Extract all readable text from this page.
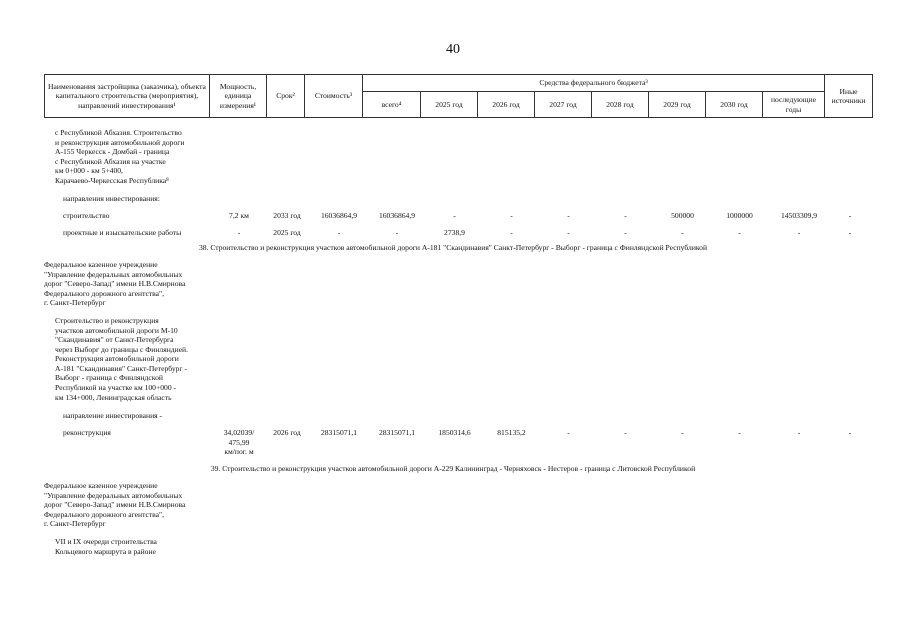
40
Наименования застройщика (заказчика), объекта капитального строительства (мероприятия), направлений инвестирования¹	Мощность, единица измерения¹	Срок²	Стоимость³	Средства федерального бюджета³								Иные источники
				всего⁴	2025 год	2026 год	2027 год	2028 год	2029 год	2030 год	последующие годы	
с Республикой Абхазия. Строительство
и реконструкция автомобильной дороги
А-155 Черкесск - Домбай - граница
с Республикой Абхазия на участке
км 0+000 - км 5+400,
Карачаево-Черкесская Республика⁸
направления инвестирования:
строительство	7,2 км	2033 год	16036864,9	16036864,9	-	-	-	-	500000	1000000	14503309,9	-
проектные и изыскательские работы	-	2025 год	-	-	2738,9	-	-	-	-	-	-	-
38. Строительство и реконструкция участков автомобильной дороги А-181 "Скандинавия" Санкт-Петербург - Выборг - граница с Финляндской Республикой
Федеральное казенное учреждение
"Управление федеральных автомобильных
дорог "Северо-Запад" имени Н.В.Смирнова
Федерального дорожного агентства",
г. Санкт-Петербург
Строительство и реконструкция
участков автомобильной дороги М-10
"Скандинавия" от Санкт-Петербурга
через Выборг до границы с Финляндией.
Реконструкция автомобильной дороги
А-181 "Скандинавия" Санкт-Петербург -
Выборг - граница с Финляндской
Республикой на участке км 100+000 -
км 134+000, Ленинградская область
направление инвестирования -
реконструкция	34,02039/
475,99
км/пог. м
2026 год	28315071,1	28315071,1	1850314,6	815135,2	-	-	-	-	-	-
39. Строительство и реконструкция участков автомобильной дороги А-229 Калининград - Черняховск - Нестеров - граница с Литовской Республикой
Федеральное казенное учреждение
"Управление федеральных автомобильных
дорог "Северо-Запад" имени Н.В.Смирнова
Федерального дорожного агентства",
г. Санкт-Петербург
VII и IX очереди строительства
Кольцевого маршрута в районе
